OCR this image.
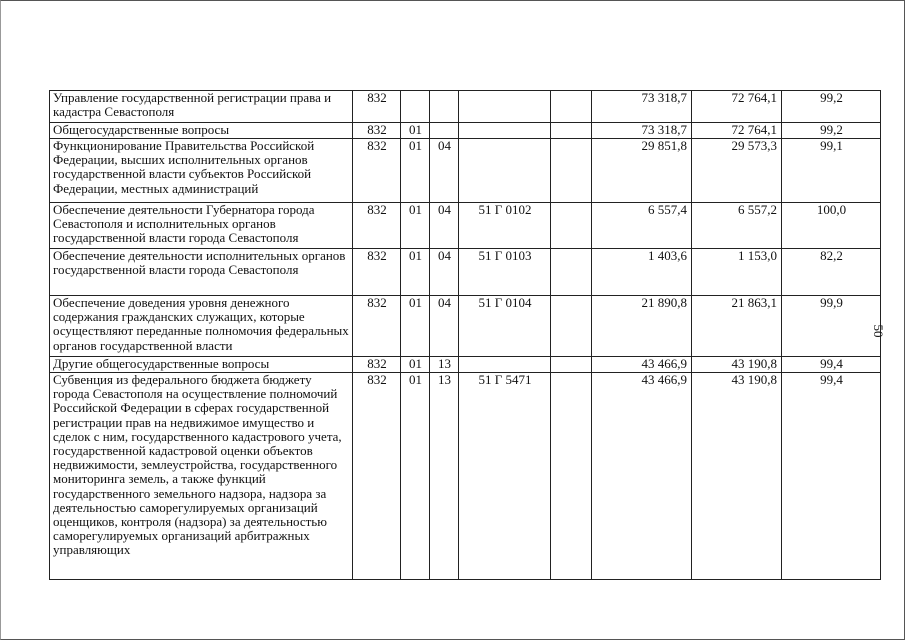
Управление государственной регистрации права и кадастра Севастополя	832					73 318,7	72 764,1	99,2
Общегосударственные вопросы	832	01				73 318,7	72 764,1	99,2
Функционирование Правительства Российской Федерации, высших исполнительных органов государственной власти субъектов Российской Федерации, местных администраций	832	01	04			29 851,8	29 573,3	99,1
Обеспечение деятельности Губернатора города Севастополя и исполнительных органов государственной власти города Севастополя	832	01	04	51 Г 0102		6 557,4	6 557,2	100,0
Обеспечение деятельности исполнительных органов государственной власти города Севастополя	832	01	04	51 Г 0103		1 403,6	1 153,0	82,2
Обеспечение доведения уровня денежного содержания гражданских служащих, которые осуществляют переданные полномочия федеральных органов государственной власти	832	01	04	51 Г 0104		21 890,8	21 863,1	99,9
Другие общегосударственные вопросы	832	01	13			43 466,9	43 190,8	99,4
Субвенция из федерального бюджета бюджету города Севастополя на осуществление полномочий Российской Федерации в сферах государственной регистрации прав на недвижимое имущество и сделок с ним, государственного кадастрового учета, государственной кадастровой оценки объектов недвижимости, землеустройства, государственного мониторинга земель, а также функций государственного земельного надзора, надзора за деятельностью саморегулируемых организаций оценщиков, контроля (надзора) за деятельностью саморегулируемых организаций арбитражных управляющих	832	01	13	51 Г 5471		43 466,9	43 190,8	99,4
50
